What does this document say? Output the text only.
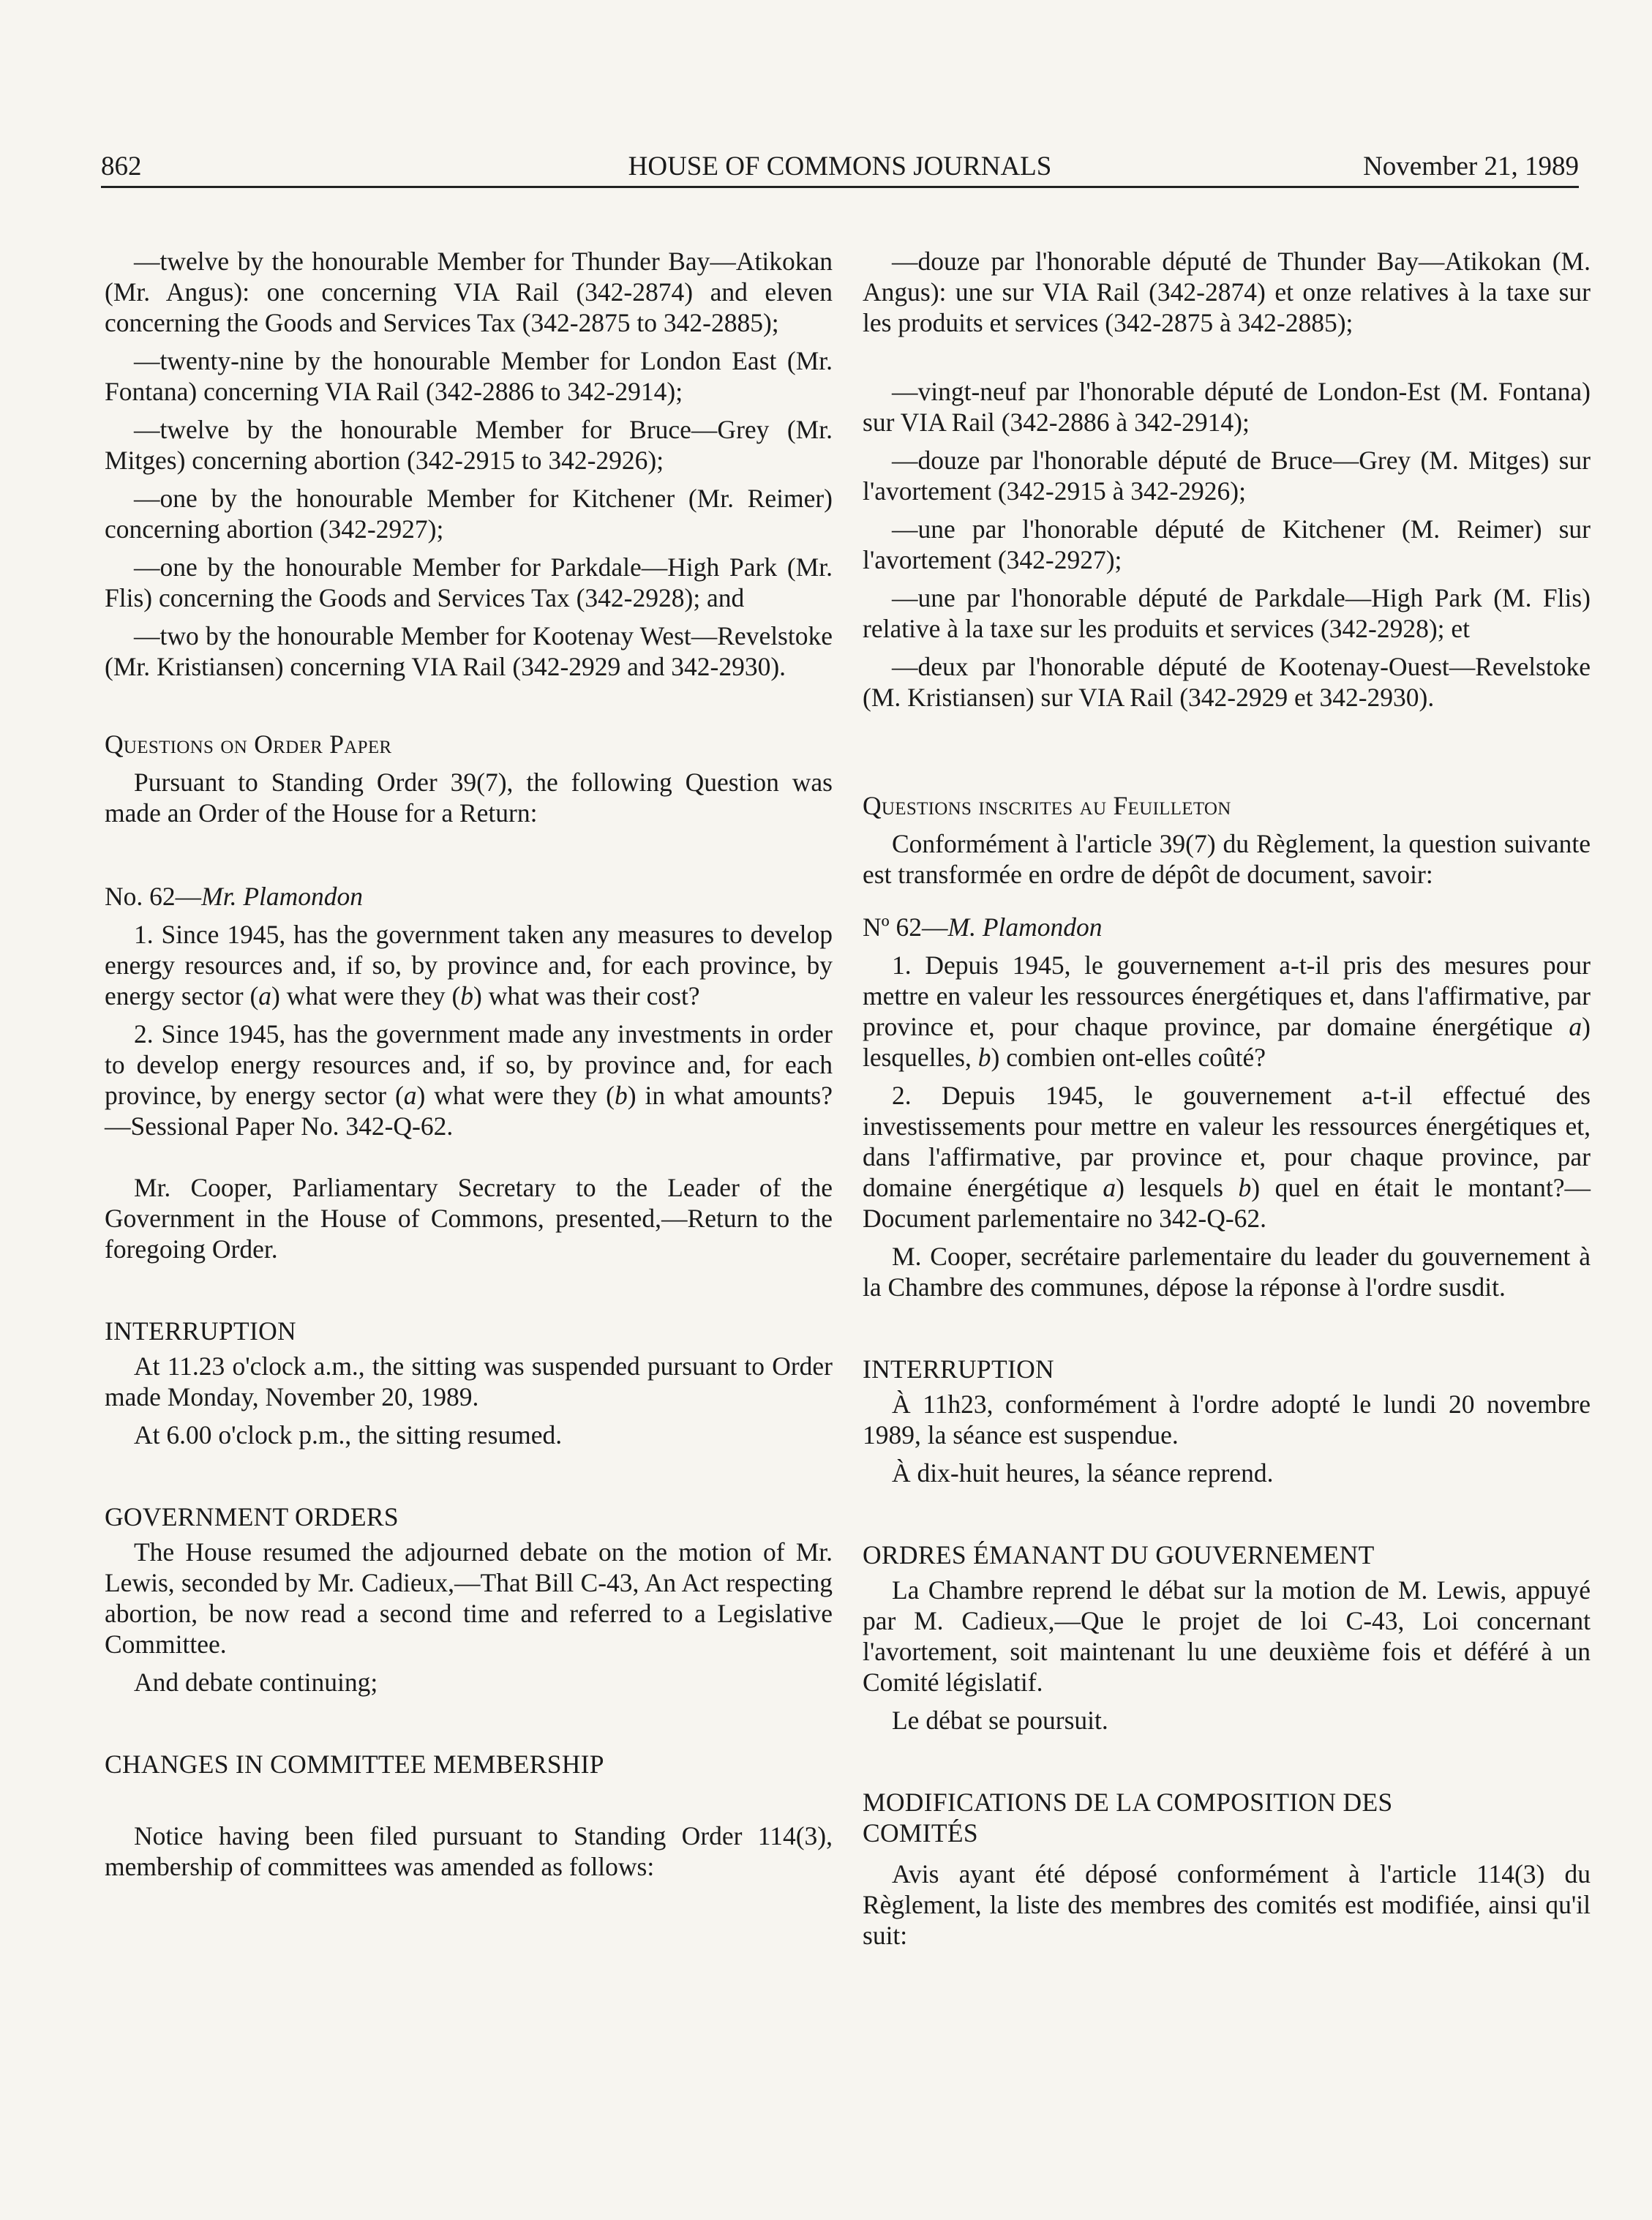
862	HOUSE OF COMMONS JOURNALS	November 21, 1989

—twelve by the honourable Member for Thunder Bay—Atikokan (Mr. Angus): one concerning VIA Rail (342-2874) and eleven concerning the Goods and Services Tax (342-2875 to 342-2885);

—twenty-nine by the honourable Member for London East (Mr. Fontana) concerning VIA Rail (342-2886 to 342-2914);

—twelve by the honourable Member for Bruce—Grey (Mr. Mitges) concerning abortion (342-2915 to 342-2926);

—one by the honourable Member for Kitchener (Mr. Reimer) concerning abortion (342-2927);

—one by the honourable Member for Parkdale—High Park (Mr. Flis) concerning the Goods and Services Tax (342-2928); and

—two by the honourable Member for Kootenay West—Revelstoke (Mr. Kristiansen) concerning VIA Rail (342-2929 and 342-2930).

Questions on Order Paper

Pursuant to Standing Order 39(7), the following Question was made an Order of the House for a Return:

No. 62—Mr. Plamondon

1. Since 1945, has the government taken any measures to develop energy resources and, if so, by province and, for each province, by energy sector (a) what were they (b) what was their cost?

2. Since 1945, has the government made any investments in order to develop energy resources and, if so, by province and, for each province, by energy sector (a) what were they (b) in what amounts?—Sessional Paper No. 342-Q-62.

Mr. Cooper, Parliamentary Secretary to the Leader of the Government in the House of Commons, presented,—Return to the foregoing Order.

INTERRUPTION

At 11.23 o'clock a.m., the sitting was suspended pursuant to Order made Monday, November 20, 1989.

At 6.00 o'clock p.m., the sitting resumed.

GOVERNMENT ORDERS

The House resumed the adjourned debate on the motion of Mr. Lewis, seconded by Mr. Cadieux,—That Bill C-43, An Act respecting abortion, be now read a second time and referred to a Legislative Committee.

And debate continuing;

CHANGES IN COMMITTEE MEMBERSHIP

Notice having been filed pursuant to Standing Order 114(3), membership of committees was amended as follows:

—douze par l'honorable député de Thunder Bay—Atikokan (M. Angus): une sur VIA Rail (342-2874) et onze relatives à la taxe sur les produits et services (342-2875 à 342-2885);

—vingt-neuf par l'honorable député de London-Est (M. Fontana) sur VIA Rail (342-2886 à 342-2914);

—douze par l'honorable député de Bruce—Grey (M. Mitges) sur l'avortement (342-2915 à 342-2926);

—une par l'honorable député de Kitchener (M. Reimer) sur l'avortement (342-2927);

—une par l'honorable député de Parkdale—High Park (M. Flis) relative à la taxe sur les produits et services (342-2928); et

—deux par l'honorable député de Kootenay-Ouest—Revelstoke (M. Kristiansen) sur VIA Rail (342-2929 et 342-2930).

Questions inscrites au Feuilleton

Conformément à l'article 39(7) du Règlement, la question suivante est transformée en ordre de dépôt de document, savoir:

Nº 62—M. Plamondon

1. Depuis 1945, le gouvernement a-t-il pris des mesures pour mettre en valeur les ressources énergétiques et, dans l'affirmative, par province et, pour chaque province, par domaine énergétique a) lesquelles, b) combien ont-elles coûté?

2. Depuis 1945, le gouvernement a-t-il effectué des investissements pour mettre en valeur les ressources énergétiques et, dans l'affirmative, par province et, pour chaque province, par domaine énergétique a) lesquels b) quel en était le montant?—Document parlementaire no 342-Q-62.

M. Cooper, secrétaire parlementaire du leader du gouvernement à la Chambre des communes, dépose la réponse à l'ordre susdit.

INTERRUPTION

À 11h23, conformément à l'ordre adopté le lundi 20 novembre 1989, la séance est suspendue.

À dix-huit heures, la séance reprend.

ORDRES ÉMANANT DU GOUVERNEMENT

La Chambre reprend le débat sur la motion de M. Lewis, appuyé par M. Cadieux,—Que le projet de loi C-43, Loi concernant l'avortement, soit maintenant lu une deuxième fois et déféré à un Comité législatif.

Le débat se poursuit.

MODIFICATIONS DE LA COMPOSITION DES COMITÉS

Avis ayant été déposé conformément à l'article 114(3) du Règlement, la liste des membres des comités est modifiée, ainsi qu'il suit:
